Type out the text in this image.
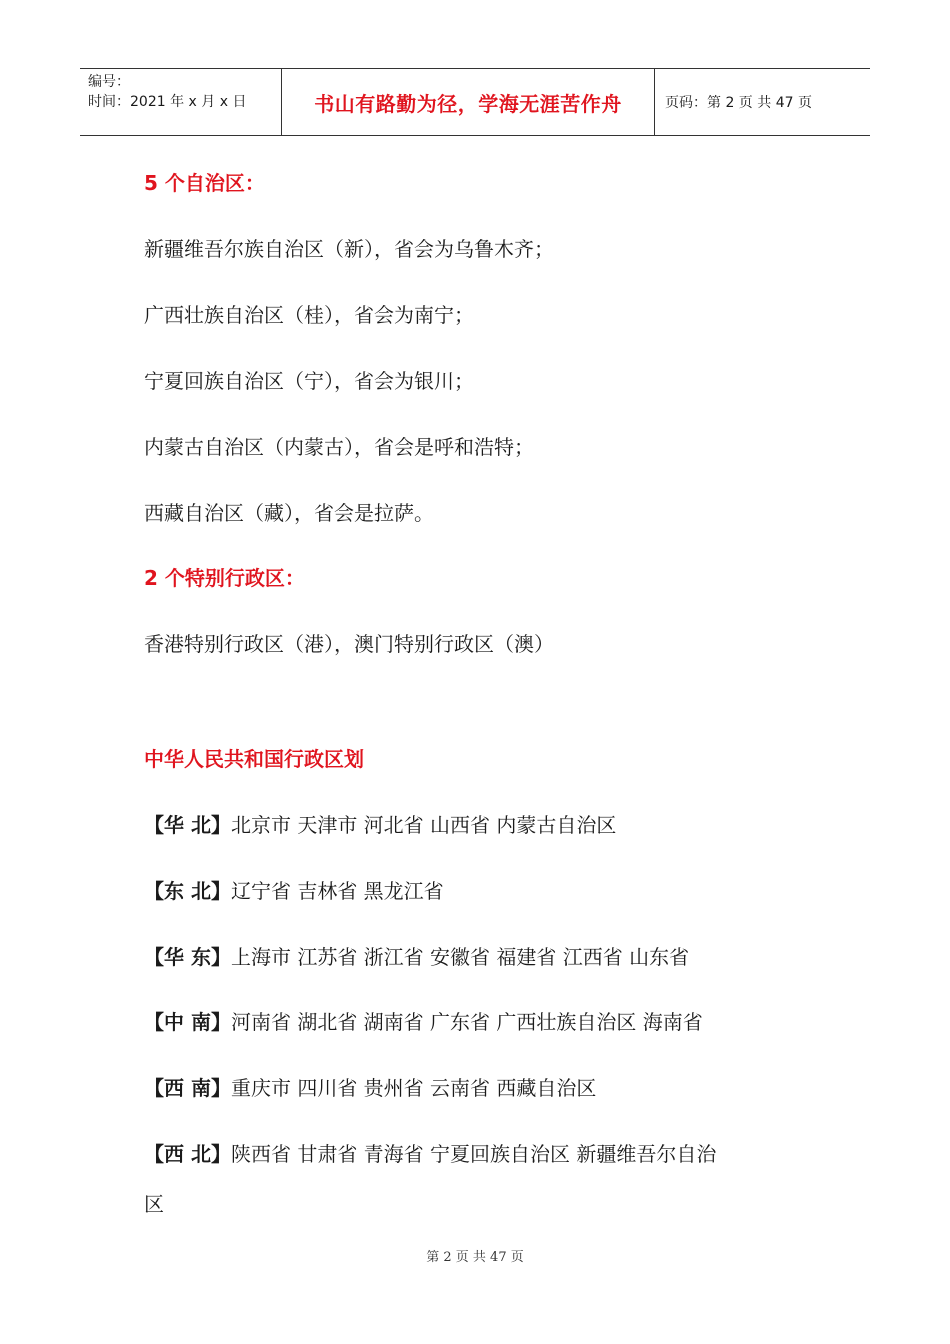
编号：
时间：2021 年 x 月 x 日	书山有路勤为径，学海无涯苦作舟	页码：第 2 页 共 47 页
5 个自治区：
新疆维吾尔族自治区（新），省会为乌鲁木齐；
广西壮族自治区（桂），省会为南宁；
宁夏回族自治区（宁），省会为银川；
内蒙古自治区（内蒙古），省会是呼和浩特；
西藏自治区（藏），省会是拉萨。
2 个特别行政区：
香港特别行政区（港），澳门特别行政区（澳）
中华人民共和国行政区划
【华 北】北京市 天津市 河北省 山西省 内蒙古自治区
【东 北】辽宁省 吉林省 黑龙江省
【华 东】上海市 江苏省 浙江省 安徽省 福建省 江西省 山东省
【中 南】河南省 湖北省 湖南省 广东省 广西壮族自治区 海南省
【西 南】重庆市 四川省 贵州省 云南省 西藏自治区
【西 北】陕西省 甘肃省 青海省 宁夏回族自治区 新疆维吾尔自治
区
第 2 页 共 47 页
